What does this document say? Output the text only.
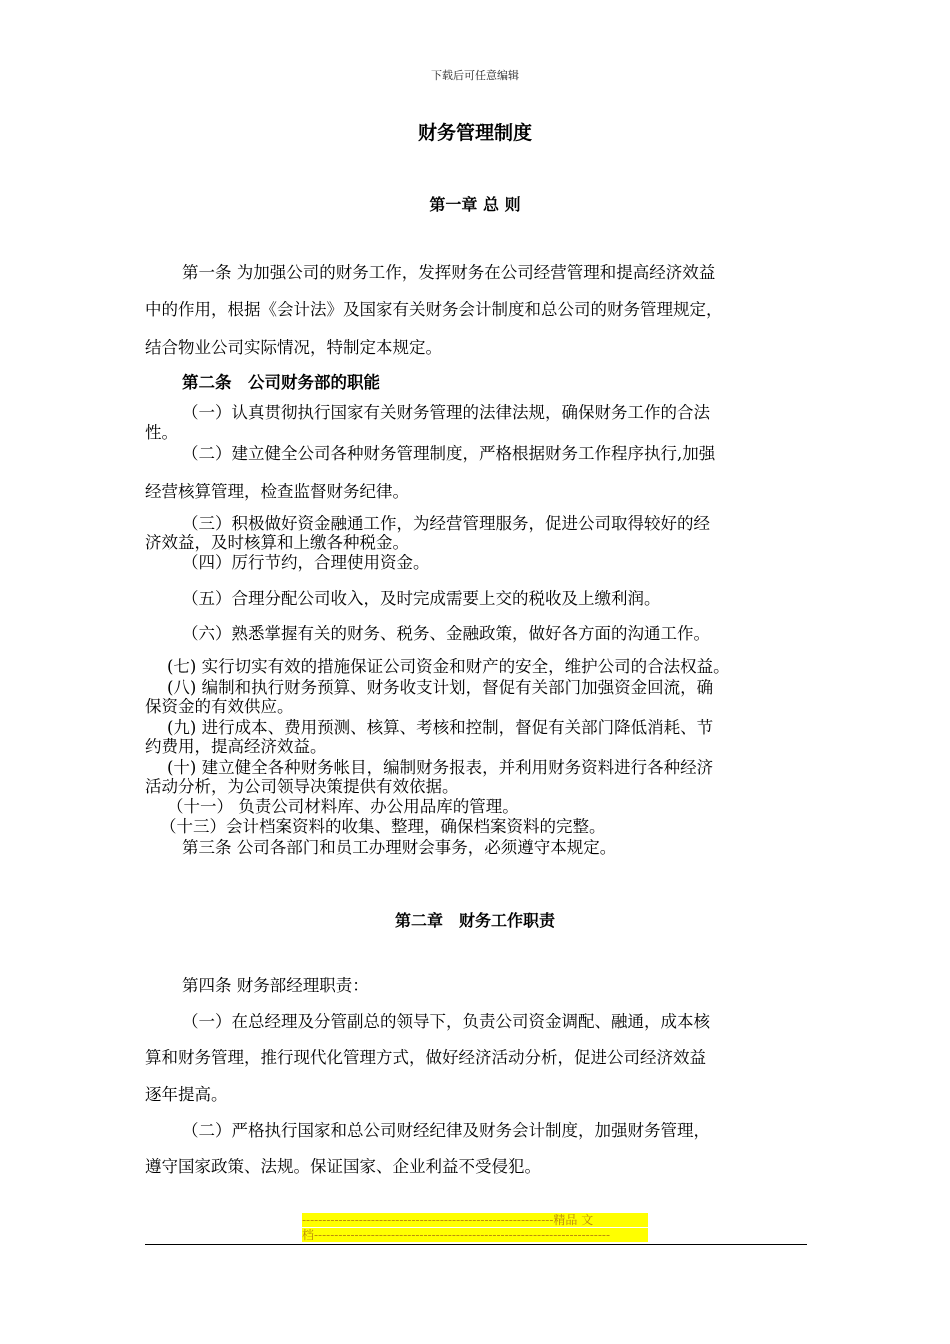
下载后可任意编辑
财务管理制度
第一章 总 则
第一条 为加强公司的财务工作，发挥财务在公司经营管理和提高经济效益
中的作用，根据《会计法》及国家有关财务会计制度和总公司的财务管理规定，
结合物业公司实际情况，特制定本规定。
第二条　公司财务部的职能
（一）认真贯彻执行国家有关财务管理的法律法规，确保财务工作的合法
性。
（二）建立健全公司各种财务管理制度，严格根据财务工作程序执行,加强
经营核算管理，检查监督财务纪律。
（三）积极做好资金融通工作，为经营管理服务，促进公司取得较好的经
济效益，及时核算和上缴各种税金。
（四）厉行节约，合理使用资金。
（五）合理分配公司收入，及时完成需要上交的税收及上缴利润。
（六）熟悉掌握有关的财务、税务、金融政策，做好各方面的沟通工作。
(七) 实行切实有效的措施保证公司资金和财产的安全，维护公司的合法权益。
(八) 编制和执行财务预算、财务收支计划，督促有关部门加强资金回流，确
保资金的有效供应。
(九) 进行成本、费用预测、核算、考核和控制，督促有关部门降低消耗、节
约费用，提高经济效益。
(十) 建立健全各种财务帐目，编制财务报表，并利用财务资料进行各种经济
活动分析，为公司领导决策提供有效依据。
（十一） 负责公司材料库、办公用品库的管理。
（十三）会计档案资料的收集、整理，确保档案资料的完整。
第三条 公司各部门和员工办理财会事务，必须遵守本规定。
第二章　财务工作职责
第四条 财务部经理职责：
（一）在总经理及分管副总的领导下，负责公司资金调配、融通，成本核
算和财务管理，推行现代化管理方式，做好经济活动分析，促进公司经济效益
逐年提高。
（二）严格执行国家和总公司财经纪律及财务会计制度，加强财务管理，
遵守国家政策、法规。保证国家、企业利益不受侵犯。
--------------------------------------------------------------精品 文
档-------------------------------------------------------------------------
